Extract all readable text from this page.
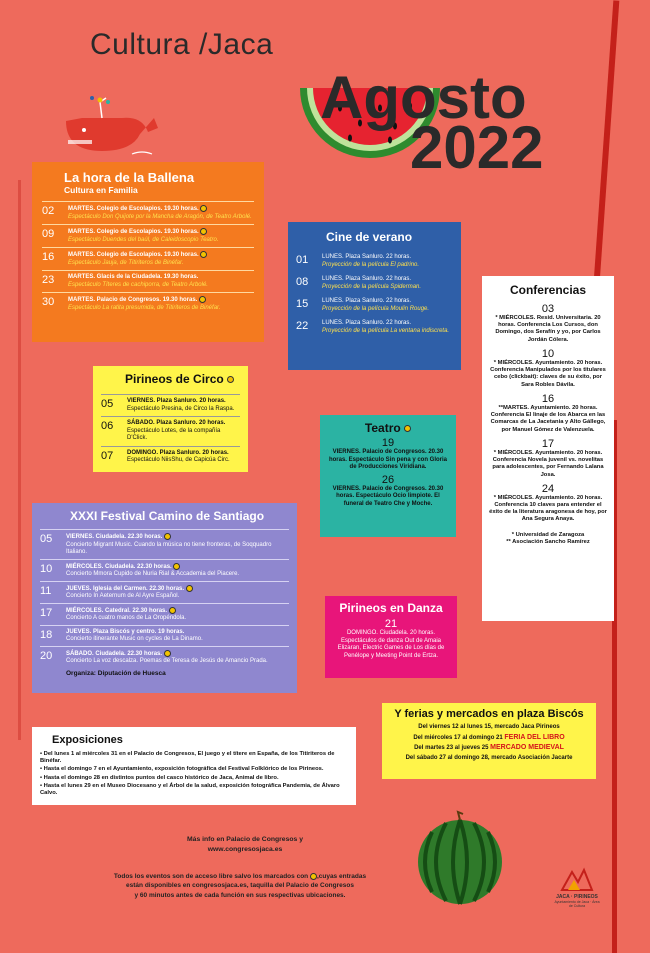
Cultura /Jaca
Agosto
2022
La hora de la Ballena
Cultura en Familia
02	MARTES. Colegio de Escolapios. 19.30 horas.
Espectáculo Don Quijote por la Mancha de Aragón, de Teatro Arbolé.
09	MARTES. Colegio de Escolapios. 19.30 horas.
Espectáculo Duendes del baúl, de Caleidoscopio Teatro.
16	MARTES. Colegio de Escolapios. 19.30 horas.
Espectáculo Jauja, de Titiriteros de Binéfar.
23	MARTES. Glacis de la Ciudadela. 19.30 horas.
Espectáculo Títeres de cachiporra, de Teatro Arbolé.
30	MARTES. Palacio de Congresos. 19.30 horas.
Espectáculo La ratita presumida, de Titiriteros de Binéfar.
Cine de verano
01	LUNES. Plaza Sanluro. 22 horas.
Proyección de la película El padrino.
08	LUNES. Plaza Sanluro. 22 horas.
Proyección de la película Spiderman.
15	LUNES. Plaza Sanluro. 22 horas.
Proyección de la película Moulin Rouge.
22	LUNES. Plaza Sanluro. 22 horas.
Proyección de la película La ventana indiscreta.
Conferencias
03
* MIÉRCOLES. Resid. Universitaria. 20 horas. Conferencia Los Cursos, don Domingo, dos Serafín y yo, por Carlos Jordán Cólera.
10
* MIÉRCOLES. Ayuntamiento. 20 horas. Conferencia Manipulados por los titulares cebo (clickbait): claves de su éxito, por Sara Robles Dávila.
16
**MARTES. Ayuntamiento. 20 horas. Conferencia El linaje de los Abarca en las Comarcas de La Jacetania y Alto Gállego, por Manuel Gómez de Valenzuela.
17
* MIÉRCOLES. Ayuntamiento. 20 horas. Conferencia Novela juvenil vs. novelitas para adolescentes, por Fernando Lalana Josa.
24
* MIÉRCOLES. Ayuntamiento. 20 horas. Conferencia 10 claves para entender el éxito de la literatura aragonesa de hoy, por Ana Segura Anaya.
* Universidad de Zaragoza
** Asociación Sancho Ramírez
Pirineos de Circo
05	VIERNES. Plaza Sanluro. 20 horas.
Espectáculo Presina, de Circo la Raspa.
06	SÁBADO. Plaza Sanluro. 20 horas.
Espectáculo Lotes, de la compañía D'Click.
07	DOMINGO. Plaza Sanluro. 20 horas.
Espectáculo NiisShu, de Capicúa Circ.
Teatro
19
VIERNES. Palacio de Congresos. 20.30 horas. Espectáculo Sin pena y con Gloria de Producciones Viridiana.
26
VIERNES. Palacio de Congresos. 20.30 horas. Espectáculo Ocio limpiote. El funeral de Teatro Che y Moche.
XXXI Festival Camino de Santiago
05	VIERNES. Ciudadela. 22.30 horas.
Concierto Migrant Music. Cuando la música no tiene fronteras, de Soqquadro Italiano.
10	MIÉRCOLES. Ciudadela. 22.30 horas.
Concierto Mmora Cupido de Nuria Rial & Accademia del Piacere.
11	JUEVES. Iglesia del Carmen. 22.30 horas.
Concierto In Aeternum de Al Ayre Español.
17	MIÉRCOLES. Catedral. 22.30 horas.
Concierto A cuatro manos de La Oropéndola.
18	JUEVES. Plaza Biscós y centro. 19 horas.
Concierto itinerante Music on cycles de La Dinamo.
20	SÁBADO. Ciudadela. 22.30 horas.
Concierto La voz descalza. Poemas de Teresa de Jesús de Amancio Prada.
Organiza: Diputación de Huesca
Pirineos en Danza
21
DOMINGO. Ciudadela. 20 horas. Espectáculos de danza Out de Amaia Elizaran, Electric Games de Los días de Penélope y Meeting Point de Ertza.
Y ferias y mercados en plaza Biscós
Del viernes 12 al lunes 15, mercado Jaca Pirineos
Del miércoles 17 al domingo 21 FERIA DEL LIBRO
Del martes 23 al jueves 25 MERCADO MEDIEVAL
Del sábado 27 al domingo 28, mercado Asociación Jacarte
Exposiciones
• Del lunes 1 al miércoles 31 en el Palacio de Congresos, El juego y el títere en España, de los Titiriteros de Binéfar.
• Hasta el domingo 7 en el Ayuntamiento, exposición fotográfica del Festival Folklórico de los Pirineos.
• Hasta el domingo 28 en distintos puntos del casco histórico de Jaca, Animal de libro.
• Hasta el lunes 29 en el Museo Diocesano y el Árbol de la salud, exposición fotográfica Pandemia, de Álvaro Calvo.
Más info en Palacio de Congresos y
www.congresosjaca.es
Todos los eventos son de acceso libre salvo los marcados con ,cuyas entradas
están disponibles en congresosjaca.es, taquilla del Palacio de Congresos
y 60 minutos antes de cada función en sus respectivas ubicaciones.	JACA · PIRINEOS
Ayuntamiento de Jaca · Área de Cultura
